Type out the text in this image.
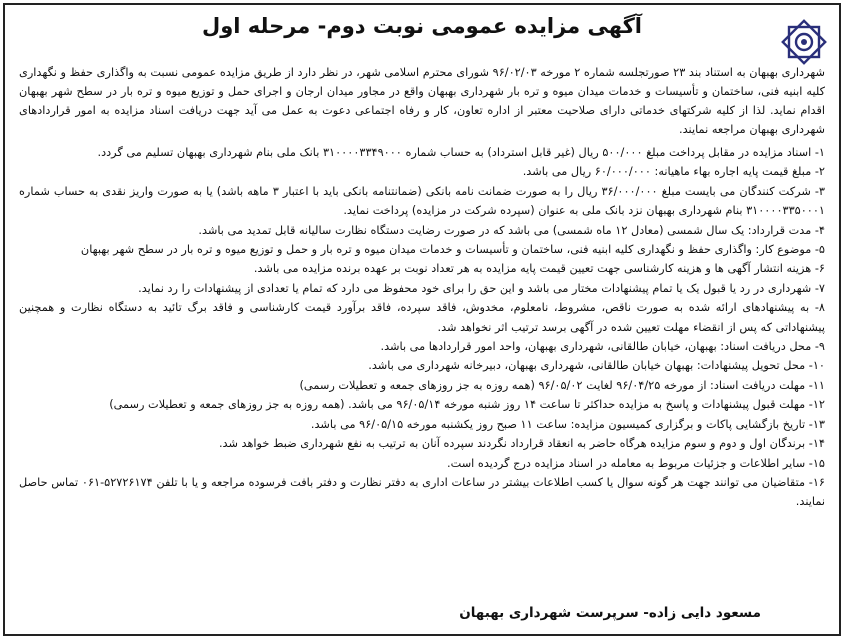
آگهی مزایده عمومی نوبت دوم- مرحله اول

شهرداری بهبهان به استناد بند ۲۳ صورتجلسه شماره ۲ مورخه ۹۶/۰۲/۰۳ شورای محترم اسلامی شهر، در نظر دارد از طریق مزایده عمومی نسبت به واگذاری حفظ و نگهداری کلیه ابنیه فنی، ساختمان و تأسیسات و خدمات میدان میوه و تره بار شهرداری بهبهان واقع در مجاور میدان ارجان و اجرای حمل و توزیع میوه و تره بار در سطح شهر بهبهان اقدام نماید. لذا از کلیه شرکتهای خدماتی دارای صلاحیت معتبر از اداره تعاون، کار و رفاه اجتماعی دعوت به عمل می آید جهت دریافت اسناد مزایده به امور قراردادهای شهرداری بهبهان مراجعه نمایند.

۱- اسناد مزایده در مقابل پرداخت مبلغ ۵۰۰/۰۰۰ ریال (غیر قابل استرداد) به حساب شماره ۳۱۰۰۰۰۳۳۴۹۰۰۰ بانک ملی بنام شهرداری بهبهان تسلیم می گردد.
۲- مبلغ قیمت پایه اجاره بهاء ماهیانه: ۶۰/۰۰۰/۰۰۰ ریال می باشد.
۳- شرکت کنندگان می بایست مبلغ ۳۶/۰۰۰/۰۰۰ ریال را به صورت ضمانت نامه بانکی (ضمانتنامه بانکی باید با اعتبار ۳ ماهه باشد) یا به صورت واریز نقدی به حساب شماره ۳۱۰۰۰۰۳۳۵۰۰۰۱ بنام شهرداری بهبهان نزد بانک ملی به عنوان (سپرده شرکت در مزایده) پرداخت نماید.
۴- مدت قرارداد: یک سال شمسی (معادل ۱۲ ماه شمسی) می باشد که در صورت رضایت دستگاه نظارت سالیانه قابل تمدید می باشد.
۵- موضوع کار: واگذاری حفظ و نگهداری کلیه ابنیه فنی، ساختمان و تأسیسات و خدمات میدان میوه و تره بار و حمل و توزیع میوه و تره بار در سطح شهر بهبهان
۶- هزینه انتشار آگهی ها و هزینه کارشناسی جهت تعیین قیمت پایه مزایده به هر تعداد نوبت بر عهده برنده مزایده می باشد.
۷- شهرداری در رد یا قبول یک یا تمام پیشنهادات مختار می باشد و این حق را برای خود محفوظ می دارد که تمام یا تعدادی از پیشنهادات را رد نماید.
۸- به پیشنهادهای ارائه شده به صورت ناقص، مشروط، نامعلوم، مخدوش، فاقد سپرده، فاقد برآورد قیمت کارشناسی و فاقد برگ تائید به دستگاه نظارت و همچنین پیشنهاداتی که پس از انقضاء مهلت تعیین شده در آگهی برسد ترتیب اثر نخواهد شد.
۹- محل دریافت اسناد: بهبهان، خیابان طالقانی، شهرداری بهبهان، واحد امور قراردادها می باشد.
۱۰- محل تحویل پیشنهادات: بهبهان خیابان طالقانی، شهرداری بهبهان، دبیرخانه شهرداری می باشد.
۱۱- مهلت دریافت اسناد: از مورخه ۹۶/۰۴/۲۵ لغایت ۹۶/۰۵/۰۲ (همه روزه به جز روزهای جمعه و تعطیلات رسمی)
۱۲- مهلت قبول پیشنهادات و پاسخ به مزایده حداکثر تا ساعت ۱۴ روز شنبه مورخه ۹۶/۰۵/۱۴ می باشد. (همه روزه به جز روزهای جمعه و تعطیلات رسمی)
۱۳- تاریخ بازگشایی پاکات و برگزاری کمیسیون مزایده: ساعت ۱۱ صبح روز یکشنبه مورخه ۹۶/۰۵/۱۵ می باشد.
۱۴- برندگان اول و دوم و سوم مزایده هرگاه حاضر به انعقاد قرارداد نگردند سپرده آنان به ترتیب به نفع شهرداری ضبط خواهد شد.
۱۵- سایر اطلاعات و جزئیات مربوط به معامله در اسناد مزایده درج گردیده است.
۱۶- متقاضیان می توانند جهت هر گونه سوال یا کسب اطلاعات بیشتر در ساعات اداری به دفتر نظارت و دفتر بافت فرسوده مراجعه و یا با تلفن ۵۲۷۲۶۱۷۴-۰۶۱ تماس حاصل نمایند.
مسعود دایی زاده- سرپرست شهرداری بهبهان
